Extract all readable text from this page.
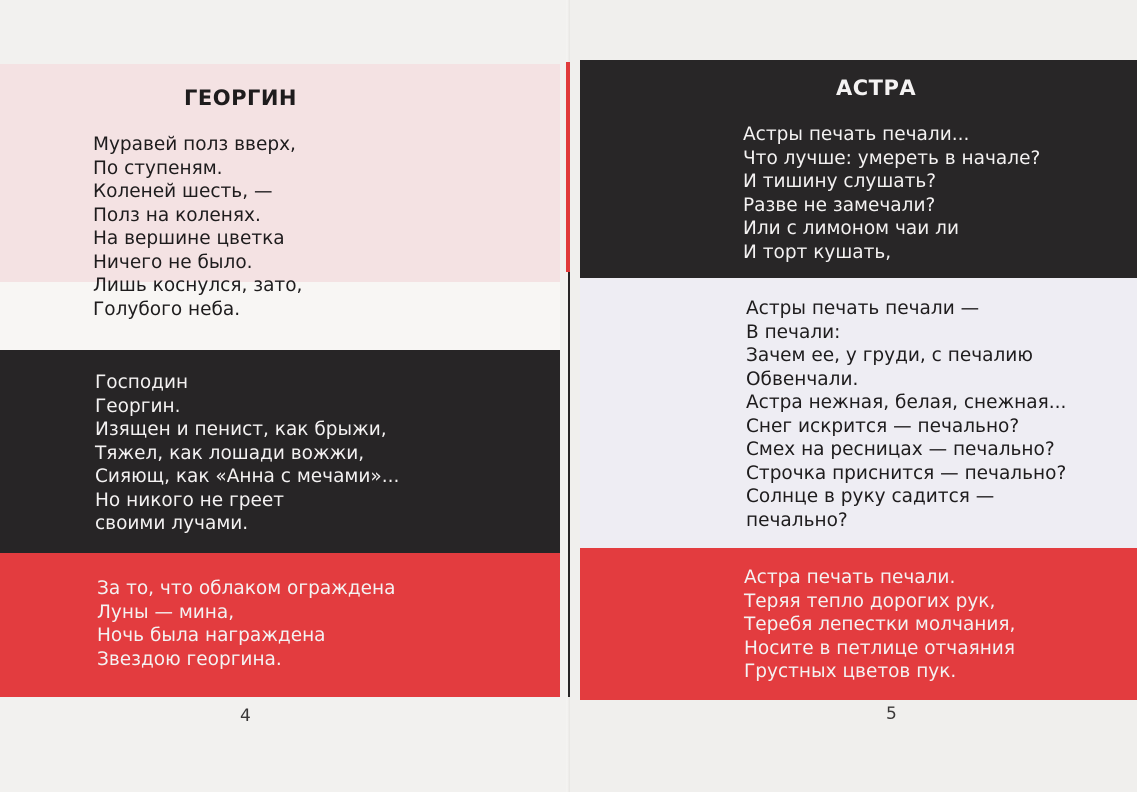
ГЕОРГИН
Муравей полз вверх,
По ступеням.
Коленей шесть, —
Полз на коленях.
На вершине цветка
Ничего не было.
Лишь коснулся, зато,
Голубого неба.
Господин
Георгин.
Изящен и пенист, как брыжи,
Тяжел, как лошади вожжи,
Сияющ, как «Анна с мечами»...
Но никого не греет
своими лучами.
За то, что облаком ограждена
Луны — мина,
Ночь была награждена
Звездою георгина.
4
АСТРА
Астры печать печали...
Что лучше: умереть в начале?
И тишину слушать?
Разве не замечали?
Или с лимоном чаи ли
И торт кушать,
Астры печать печали —
В печали:
Зачем ее, у груди, с печалию
Обвенчали.
Астра нежная, белая, снежная...
Снег искрится — печально?
Смех на ресницах — печально?
Строчка приснится — печально?
Солнце в руку садится —
печально?
Астра печать печали.
Теряя тепло дорогих рук,
Теребя лепестки молчания,
Носите в петлице отчаяния
Грустных цветов пук.
5
